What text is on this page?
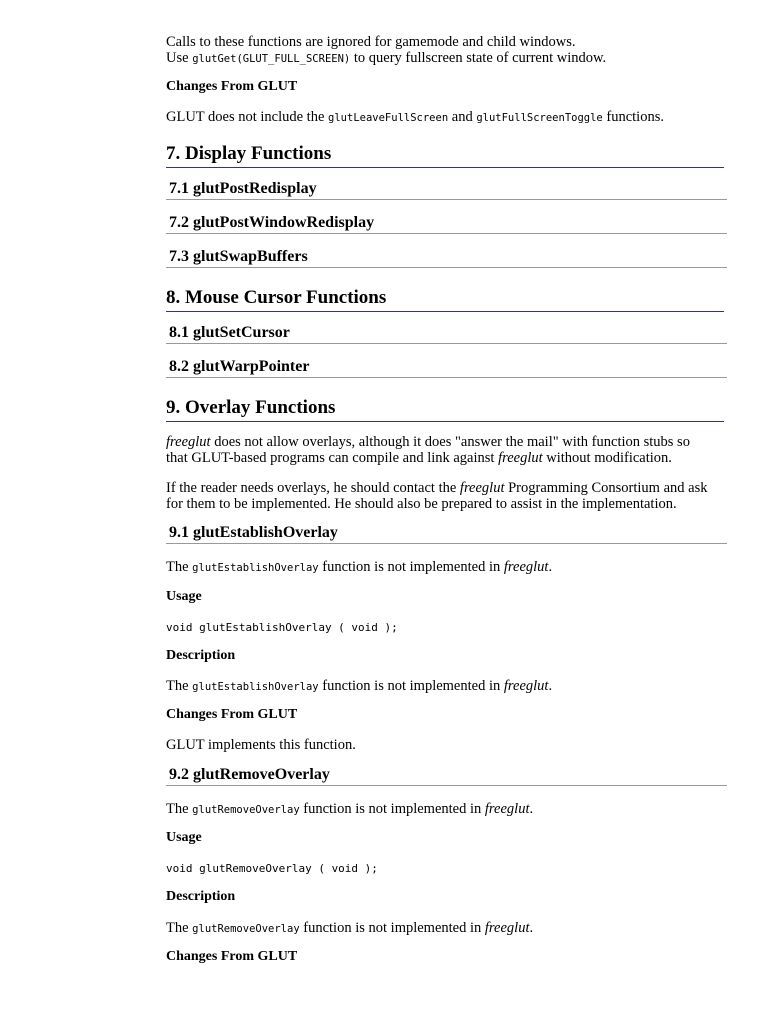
Calls to these functions are ignored for gamemode and child windows.

Use glutGet(GLUT_FULL_SCREEN) to query fullscreen state of current window.

Changes From GLUT

GLUT does not include the glutLeaveFullScreen and glutFullScreenToggle functions.

7. Display Functions
7.1 glutPostRedisplay
7.2 glutPostWindowRedisplay
7.3 glutSwapBuffers
8. Mouse Cursor Functions
8.1 glutSetCursor
8.2 glutWarpPointer
9. Overlay Functions

freeglut does not allow overlays, although it does "answer the mail" with function stubs so

that GLUT-based programs can compile and link against freeglut without modification.

If the reader needs overlays, he should contact the freeglut Programming Consortium and ask

for them to be implemented. He should also be prepared to assist in the implementation.

9.1 glutEstablishOverlay

The glutEstablishOverlay function is not implemented in freeglut.

Usage

void glutEstablishOverlay ( void );

Description

The glutEstablishOverlay function is not implemented in freeglut.

Changes From GLUT

GLUT implements this function.

9.2 glutRemoveOverlay

The glutRemoveOverlay function is not implemented in freeglut.

Usage

void glutRemoveOverlay ( void );

Description

The glutRemoveOverlay function is not implemented in freeglut.

Changes From GLUT
